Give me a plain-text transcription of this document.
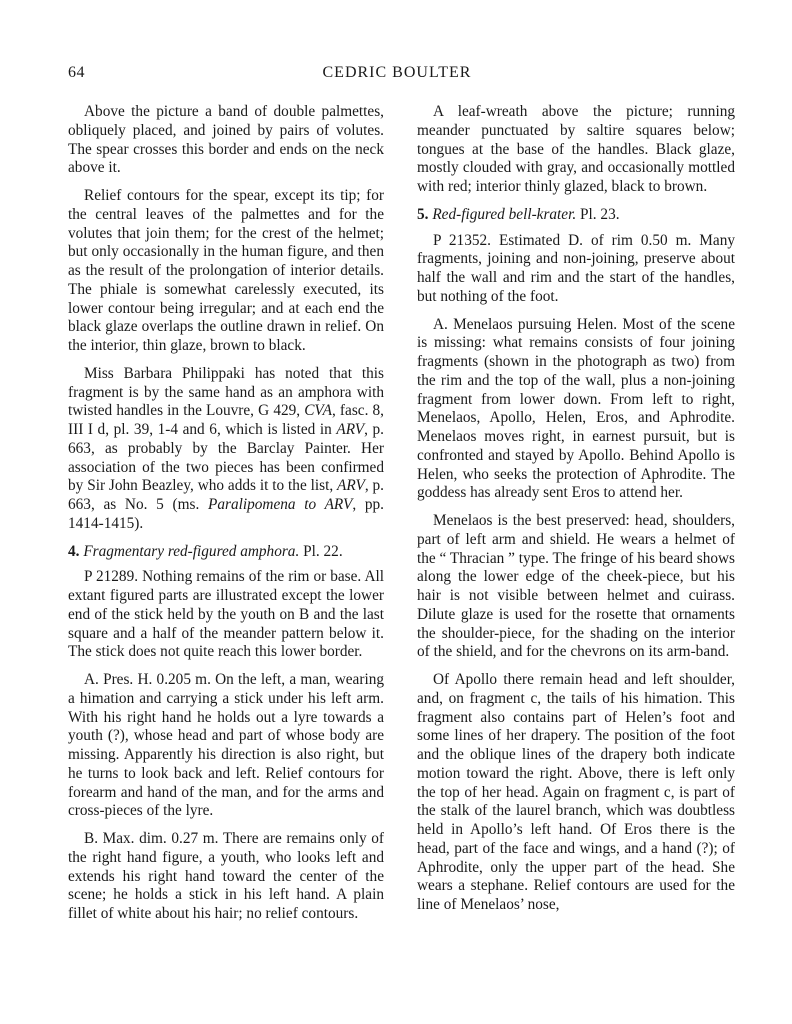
64	CEDRIC BOULTER

Above the picture a band of double palmettes, obliquely placed, and joined by pairs of volutes. The spear crosses this border and ends on the neck above it.

Relief contours for the spear, except its tip; for the central leaves of the palmettes and for the volutes that join them; for the crest of the helmet; but only occasionally in the human figure, and then as the result of the prolongation of interior details. The phiale is somewhat carelessly executed, its lower contour being irregular; and at each end the black glaze overlaps the outline drawn in relief. On the interior, thin glaze, brown to black.

Miss Barbara Philippaki has noted that this fragment is by the same hand as an amphora with twisted handles in the Louvre, G 429, CVA, fasc. 8, III I d, pl. 39, 1-4 and 6, which is listed in ARV, p. 663, as probably by the Barclay Painter. Her association of the two pieces has been confirmed by Sir John Beazley, who adds it to the list, ARV, p. 663, as No. 5 (ms. Paralipomena to ARV, pp. 1414-1415).

4. Fragmentary red-figured amphora. Pl. 22.

P 21289. Nothing remains of the rim or base. All extant figured parts are illustrated except the lower end of the stick held by the youth on B and the last square and a half of the meander pattern below it. The stick does not quite reach this lower border.

A. Pres. H. 0.205 m. On the left, a man, wearing a himation and carrying a stick under his left arm. With his right hand he holds out a lyre towards a youth (?), whose head and part of whose body are missing. Apparently his direction is also right, but he turns to look back and left. Relief contours for forearm and hand of the man, and for the arms and cross-pieces of the lyre.

B. Max. dim. 0.27 m. There are remains only of the right hand figure, a youth, who looks left and extends his right hand toward the center of the scene; he holds a stick in his left hand. A plain fillet of white about his hair; no relief contours.

A leaf-wreath above the picture; running meander punctuated by saltire squares below; tongues at the base of the handles. Black glaze, mostly clouded with gray, and occasionally mottled with red; interior thinly glazed, black to brown.

5. Red-figured bell-krater. Pl. 23.

P 21352. Estimated D. of rim 0.50 m. Many fragments, joining and non-joining, preserve about half the wall and rim and the start of the handles, but nothing of the foot.

A. Menelaos pursuing Helen. Most of the scene is missing: what remains consists of four joining fragments (shown in the photograph as two) from the rim and the top of the wall, plus a non-joining fragment from lower down. From left to right, Menelaos, Apollo, Helen, Eros, and Aphrodite. Menelaos moves right, in earnest pursuit, but is confronted and stayed by Apollo. Behind Apollo is Helen, who seeks the protection of Aphrodite. The goddess has already sent Eros to attend her.

Menelaos is the best preserved: head, shoulders, part of left arm and shield. He wears a helmet of the “ Thracian ” type. The fringe of his beard shows along the lower edge of the cheek-piece, but his hair is not visible between helmet and cuirass. Dilute glaze is used for the rosette that ornaments the shoulder-piece, for the shading on the interior of the shield, and for the chevrons on its arm-band.

Of Apollo there remain head and left shoulder, and, on fragment c, the tails of his himation. This fragment also contains part of Helen’s foot and some lines of her drapery. The position of the foot and the oblique lines of the drapery both indicate motion toward the right. Above, there is left only the top of her head. Again on fragment c, is part of the stalk of the laurel branch, which was doubtless held in Apollo’s left hand. Of Eros there is the head, part of the face and wings, and a hand (?); of Aphrodite, only the upper part of the head. She wears a stephane. Relief contours are used for the line of Menelaos’ nose,
